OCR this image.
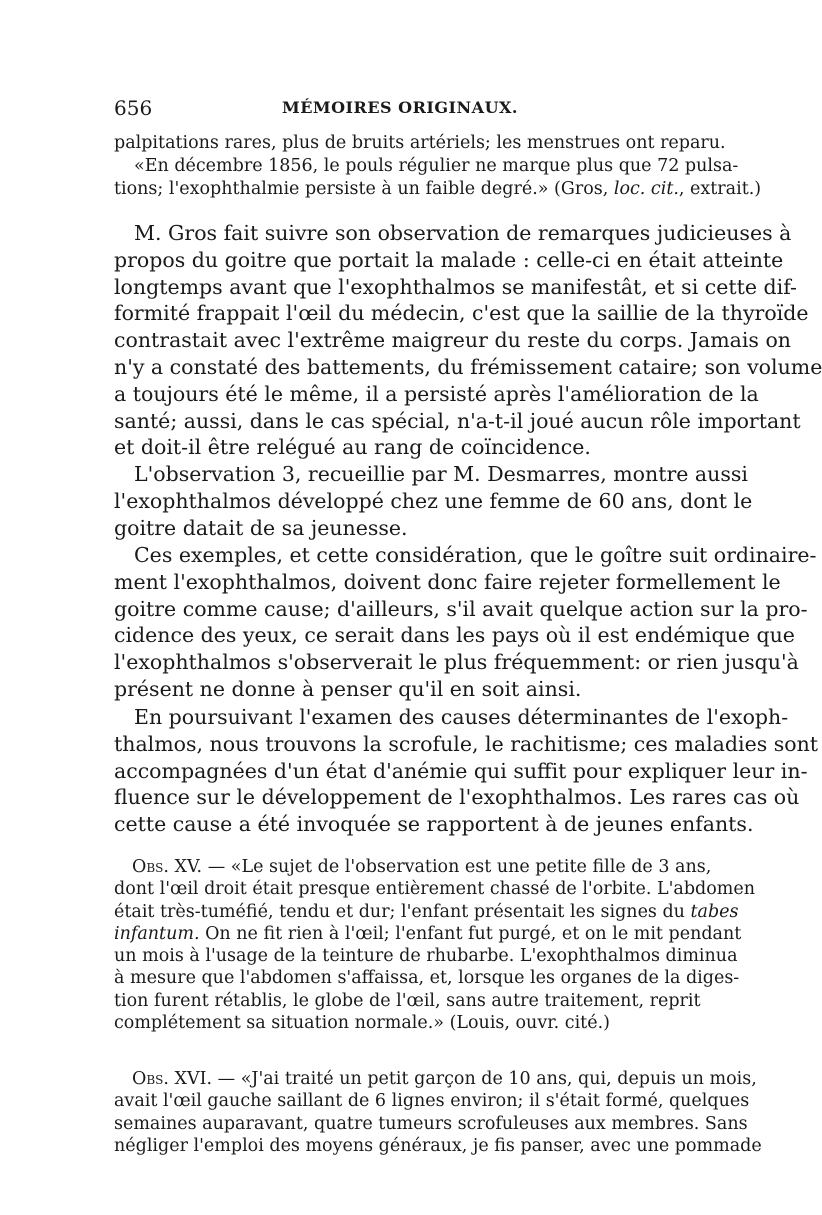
656	MÉMOIRES ORIGINAUX.
palpitations rares, plus de bruits artériels; les menstrues ont reparu.
«En décembre 1856, le pouls régulier ne marque plus que 72 pulsa-
tions; l'exophthalmie persiste à un faible degré.» (Gros, loc. cit., extrait.)
M. Gros fait suivre son observation de remarques judicieuses à
propos du goitre que portait la malade : celle-ci en était atteinte
longtemps avant que l'exophthalmos se manifestât, et si cette dif-
formité frappait l'œil du médecin, c'est que la saillie de la thyroïde
contrastait avec l'extrême maigreur du reste du corps. Jamais on
n'y a constaté des battements, du frémissement cataire; son volume
a toujours été le même, il a persisté après l'amélioration de la
santé; aussi, dans le cas spécial, n'a-t-il joué aucun rôle important
et doit-il être relégué au rang de coïncidence.
L'observation 3, recueillie par M. Desmarres, montre aussi
l'exophthalmos développé chez une femme de 60 ans, dont le
goitre datait de sa jeunesse.
Ces exemples, et cette considération, que le goître suit ordinaire-
ment l'exophthalmos, doivent donc faire rejeter formellement le
goitre comme cause; d'ailleurs, s'il avait quelque action sur la pro-
cidence des yeux, ce serait dans les pays où il est endémique que
l'exophthalmos s'observerait le plus fréquemment: or rien jusqu'à
présent ne donne à penser qu'il en soit ainsi.
En poursuivant l'examen des causes déterminantes de l'exoph-
thalmos, nous trouvons la scrofule, le rachitisme; ces maladies sont
accompagnées d'un état d'anémie qui suffit pour expliquer leur in-
fluence sur le développement de l'exophthalmos. Les rares cas où
cette cause a été invoquée se rapportent à de jeunes enfants.
Obs. XV. — «Le sujet de l'observation est une petite fille de 3 ans,
dont l'œil droit était presque entièrement chassé de l'orbite. L'abdomen
était très-tuméfié, tendu et dur; l'enfant présentait les signes du tabes
infantum. On ne fit rien à l'œil; l'enfant fut purgé, et on le mit pendant
un mois à l'usage de la teinture de rhubarbe. L'exophthalmos diminua
à mesure que l'abdomen s'affaissa, et, lorsque les organes de la diges-
tion furent rétablis, le globe de l'œil, sans autre traitement, reprit
complétement sa situation normale.» (Louis, ouvr. cité.)
Obs. XVI. — «J'ai traité un petit garçon de 10 ans, qui, depuis un mois,
avait l'œil gauche saillant de 6 lignes environ; il s'était formé, quelques
semaines auparavant, quatre tumeurs scrofuleuses aux membres. Sans
négliger l'emploi des moyens généraux, je fis panser, avec une pommade
